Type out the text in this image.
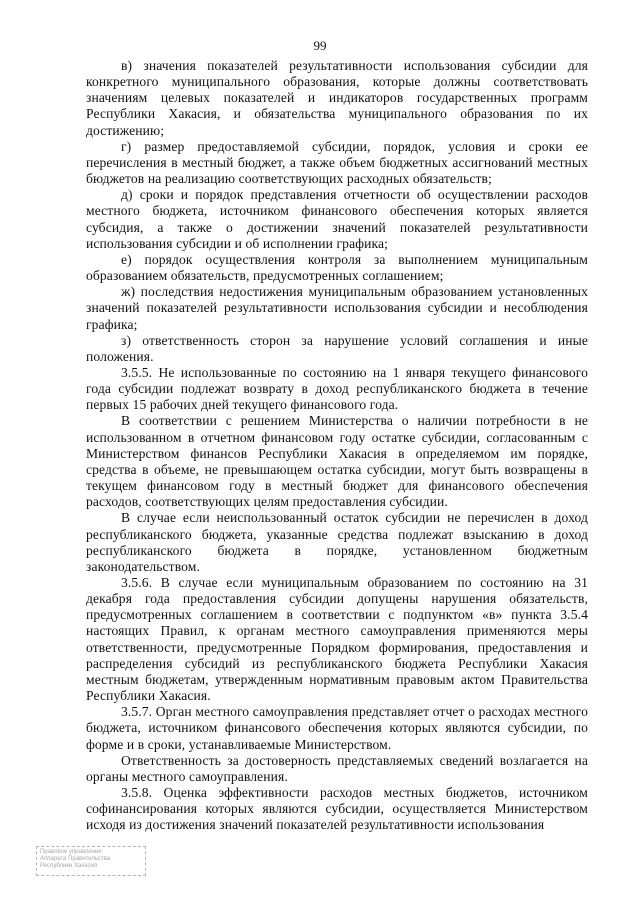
99

в) значения показателей результативности использования субсидии для конкретного муниципального образования, которые должны соответствовать значениям целевых показателей и индикаторов государственных программ Республики Хакасия, и обязательства муниципального образования по их достижению;

г) размер предоставляемой субсидии, порядок, условия и сроки ее перечисления в местный бюджет, а также объем бюджетных ассигнований местных бюджетов на реализацию соответствующих расходных обязательств;

д) сроки и порядок представления отчетности об осуществлении расходов местного бюджета, источником финансового обеспечения которых является субсидия, а также о достижении значений показателей результативности использования субсидии и об исполнении графика;

е) порядок осуществления контроля за выполнением муниципальным образованием обязательств, предусмотренных соглашением;

ж) последствия недостижения муниципальным образованием установленных значений показателей результативности использования субсидии и несоблюдения графика;

з) ответственность сторон за нарушение условий соглашения и иные положения.

3.5.5. Не использованные по состоянию на 1 января текущего финансового года субсидии подлежат возврату в доход республиканского бюджета в течение первых 15 рабочих дней текущего финансового года.

В соответствии с решением Министерства о наличии потребности в не использованном в отчетном финансовом году остатке субсидии, согласованным с Министерством финансов Республики Хакасия в определяемом им порядке, средства в объеме, не превышающем остатка субсидии, могут быть возвращены в текущем финансовом году в местный бюджет для финансового обеспечения расходов, соответствующих целям предоставления субсидии.

В случае если неиспользованный остаток субсидии не перечислен в доход республиканского бюджета, указанные средства подлежат взысканию в доход республиканского бюджета в порядке, установленном бюджетным законодательством.

3.5.6. В случае если муниципальным образованием по состоянию на 31 декабря года предоставления субсидии допущены нарушения обязательств, предусмотренных соглашением в соответствии с подпунктом «в» пункта 3.5.4 настоящих Правил, к органам местного самоуправления применяются меры ответственности, предусмотренные Порядком формирования, предоставления и распределения субсидий из республиканского бюджета Республики Хакасия местным бюджетам, утвержденным нормативным правовым актом Правительства Республики Хакасия.

3.5.7. Орган местного самоуправления представляет отчет о расходах местного бюджета, источником финансового обеспечения которых являются субсидии, по форме и в сроки, устанавливаемые Министерством.

Ответственность за достоверность представляемых сведений возлагается на органы местного самоуправления.

3.5.8. Оценка эффективности расходов местных бюджетов, источником софинансирования которых являются субсидии, осуществляется Министерством исходя из достижения значений показателей результативности использования

Правовое управление
Аппарата Правительства
Республики Хакасия
